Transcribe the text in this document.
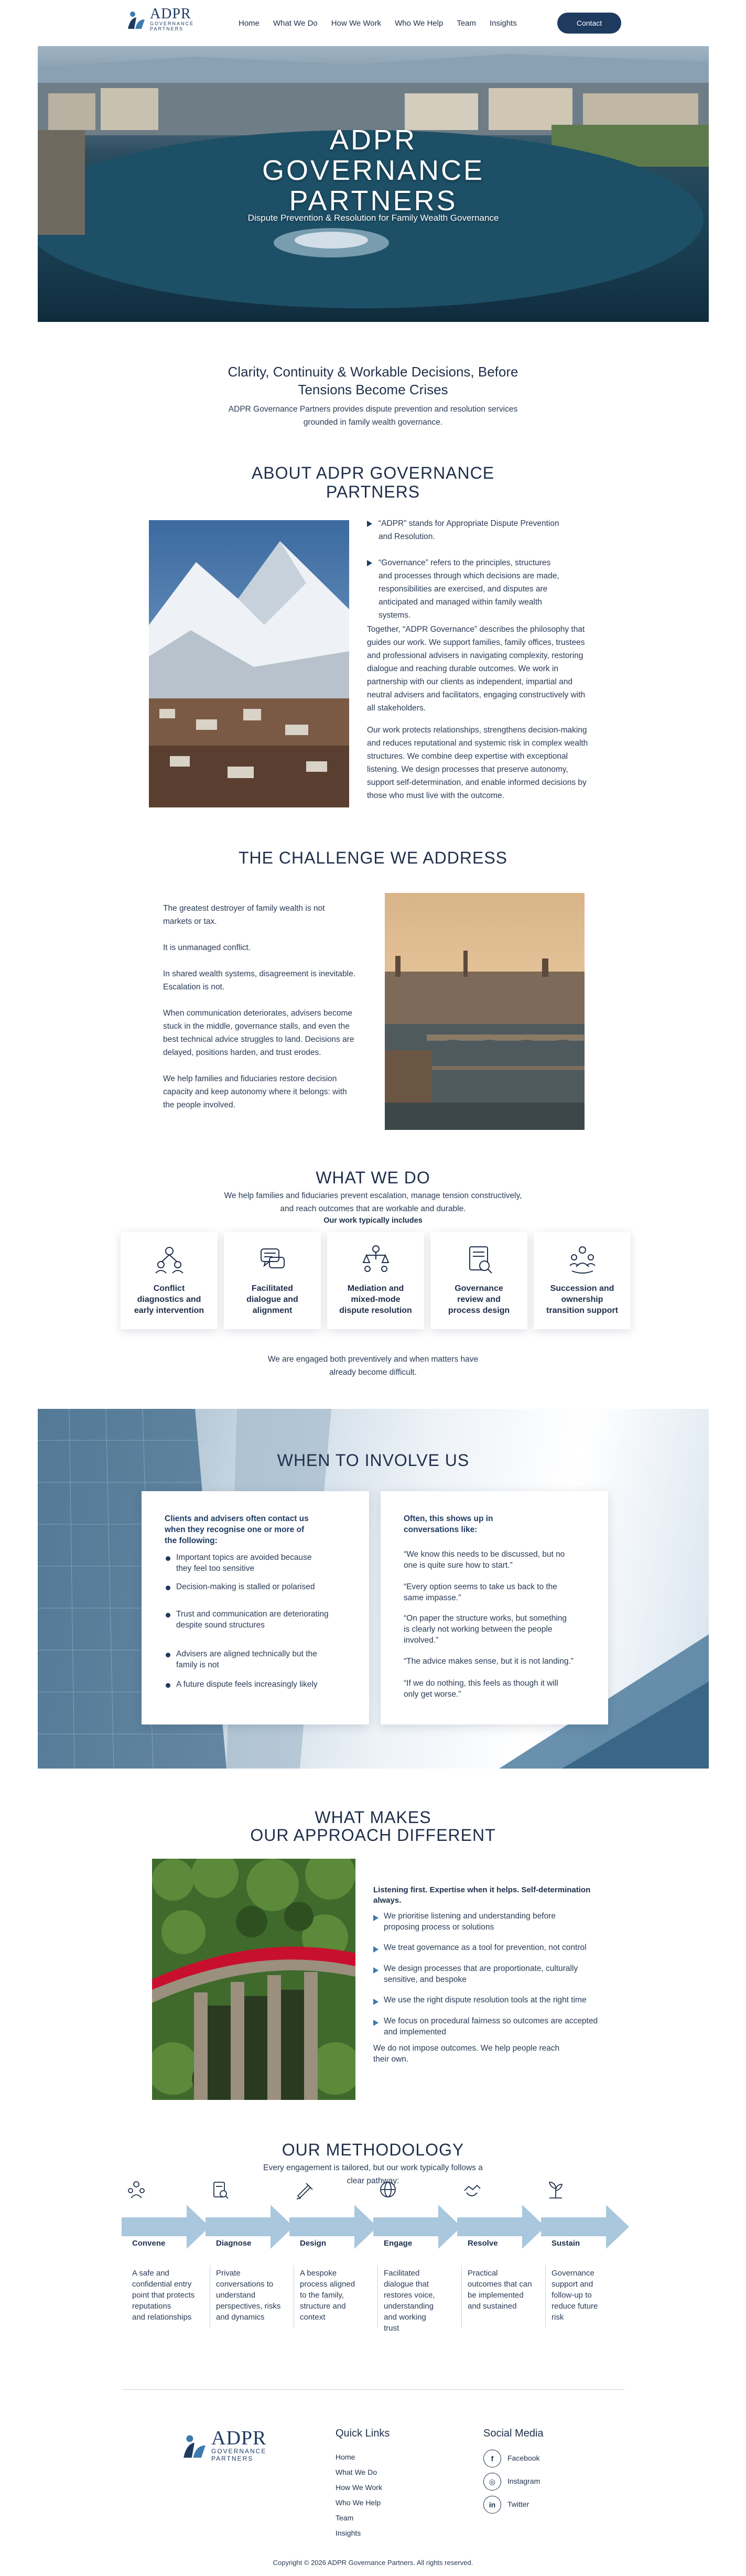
ADPR
GOVERNANCE
PARTNERS
Home What We Do How We Work Who We Help Team Insights	Contact
ADPR
GOVERNANCE
PARTNERS
Dispute Prevention & Resolution for Family Wealth Governance
Clarity, Continuity & Workable Decisions, Before
Tensions Become Crises
ADPR Governance Partners provides dispute prevention and resolution services
grounded in family wealth governance.
ABOUT ADPR GOVERNANCE
PARTNERS
“ADPR” stands for Appropriate Dispute Prevention
and Resolution.
“Governance” refers to the principles, structures
and processes through which decisions are made,
responsibilities are exercised, and disputes are
anticipated and managed within family wealth
systems.
Together, “ADPR Governance” describes the philosophy that
guides our work. We support families, family offices, trustees
and professional advisers in navigating complexity, restoring
dialogue and reaching durable outcomes. We work in
partnership with our clients as independent, impartial and
neutral advisers and facilitators, engaging constructively with
all stakeholders.
Our work protects relationships, strengthens decision-making
and reduces reputational and systemic risk in complex wealth
structures. We combine deep expertise with exceptional
listening. We design processes that preserve autonomy,
support self-determination, and enable informed decisions by
those who must live with the outcome.
THE CHALLENGE WE ADDRESS
The greatest destroyer of family wealth is not
markets or tax.
It is unmanaged conflict.
In shared wealth systems, disagreement is inevitable.
Escalation is not.
When communication deteriorates, advisers become
stuck in the middle, governance stalls, and even the
best technical advice struggles to land. Decisions are
delayed, positions harden, and trust erodes.
We help families and fiduciaries restore decision
capacity and keep autonomy where it belongs: with
the people involved.
WHAT WE DO
We help families and fiduciaries prevent escalation, manage tension constructively,
and reach outcomes that are workable and durable.
Our work typically includes
Conflict
diagnostics and
early intervention
Facilitated
dialogue and
alignment
Mediation and
mixed-mode
dispute resolution
Governance
review and
process design
Succession and
ownership
transition support
We are engaged both preventively and when matters have
already become difficult.
WHEN TO INVOLVE US
Clients and advisers often contact us
when they recognise one or more of
the following:
Important topics are avoided because
they feel too sensitive
Decision-making is stalled or polarised
Trust and communication are deteriorating
despite sound structures
Advisers are aligned technically but the
family is not
A future dispute feels increasingly likely
Often, this shows up in
conversations like:
“We know this needs to be discussed, but no
one is quite sure how to start.”
“Every option seems to take us back to the
same impasse.”
“On paper the structure works, but something
is clearly not working between the people
involved.”
“The advice makes sense, but it is not landing.”
“If we do nothing, this feels as though it will
only get worse.”
WHAT MAKES
OUR APPROACH DIFFERENT
Listening first. Expertise when it helps. Self-determination
always.
We prioritise listening and understanding before
proposing process or solutions
We treat governance as a tool for prevention, not control
We design processes that are proportionate, culturally
sensitive, and bespoke
We use the right dispute resolution tools at the right time
We focus on procedural fairness so outcomes are accepted
and implemented
We do not impose outcomes. We help people reach
their own.
OUR METHODOLOGY
Every engagement is tailored, but our work typically follows a
clear pathway:
Convene
A safe and
confidential entry
point that protects
reputations
and relationships
Diagnose
Private
conversations to
understand
perspectives, risks
and dynamics
Design
A bespoke
process aligned
to the family,
structure and
context
Engage
Facilitated
dialogue that
restores voice,
understanding
and working
trust
Resolve
Practical
outcomes that can
be implemented
and sustained
Sustain
Governance
support and
follow-up to
reduce future
risk
ADPR
GOVERNANCE
PARTNERS
Quick Links
Home
What We Do
How We Work
Who We Help
Team
Insights
Social Media
f	Facebook
◎	Instagram
in	Twitter
Copyright © 2026 ADPR Governance Partners. All rights reserved.
